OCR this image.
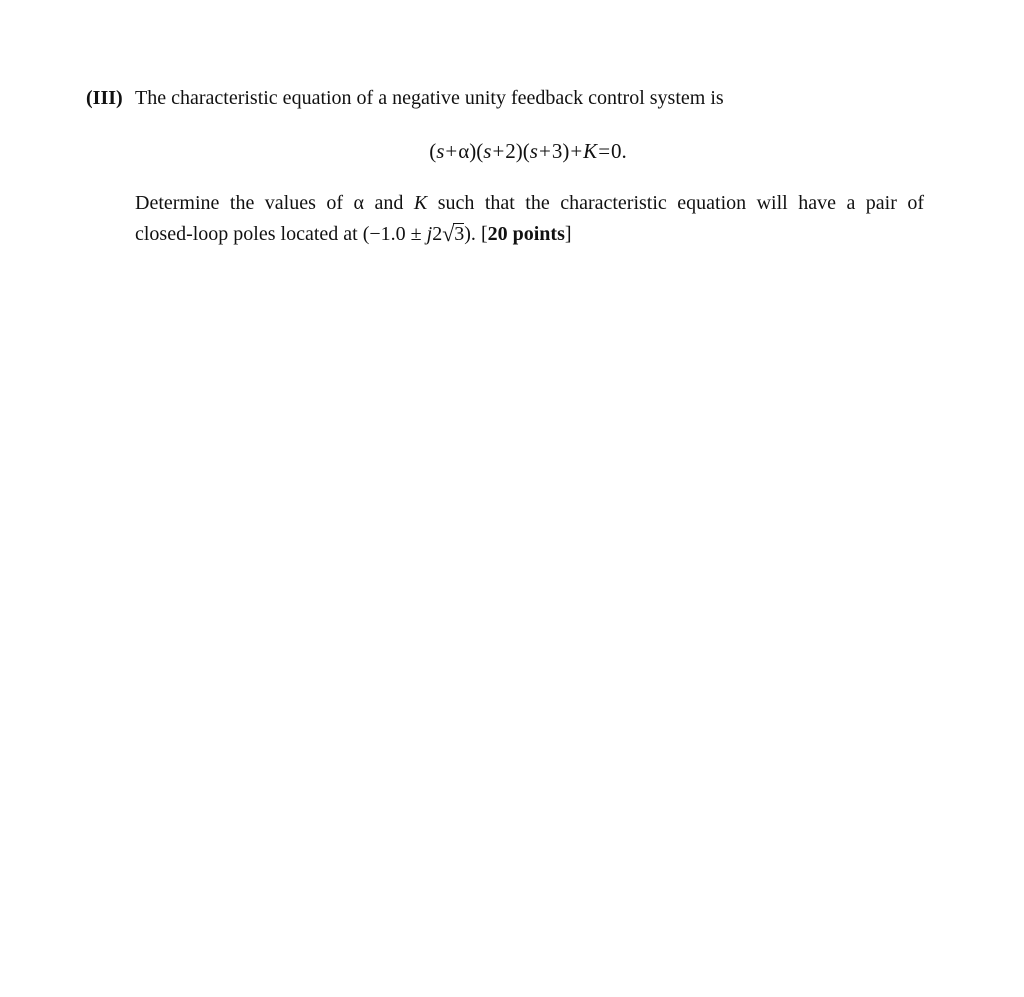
(III) The characteristic equation of a negative unity feedback control system is
(s+α)(s+2)(s+3)+K=0.
Determine the values of α and K such that the characteristic equation will have a pair of
closed-loop poles located at (−1.0 ± j2√3). [20 points]
